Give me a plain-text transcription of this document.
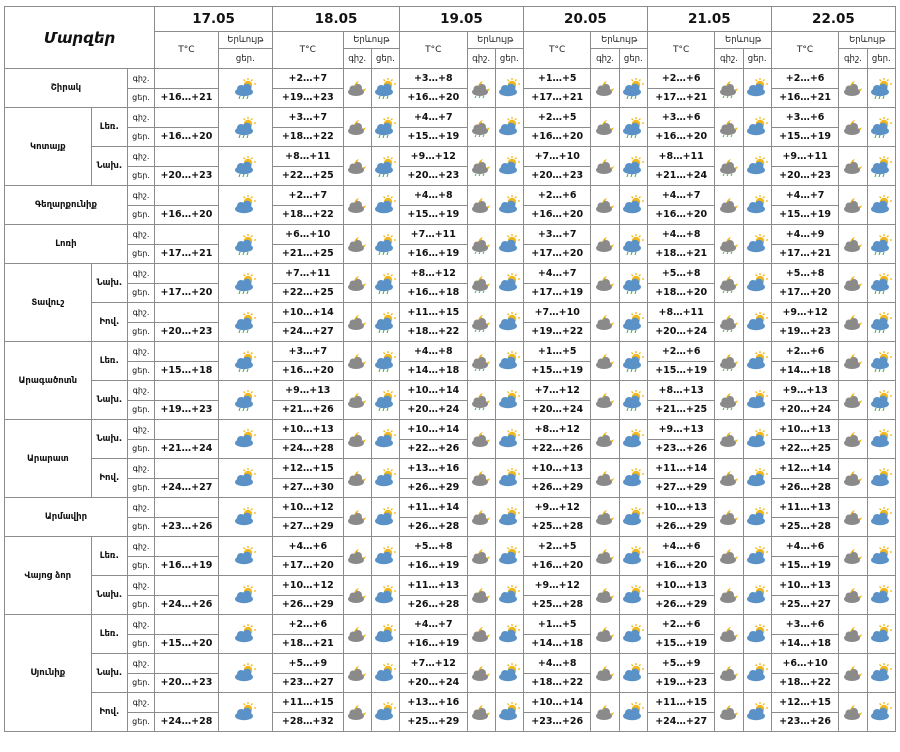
Մարզեր			17.05		18.05			19.05			20.05			21.05			22.05		
			T°C	Երևույթ	T°C	Երևույթ		T°C	Երևույթ		T°C	Երևույթ		T°C	Երևույթ		T°C	Երևույթ	
				ցեր.		գիշ.	ցեր.		գիշ.	ցեր.		գիշ.	ցեր.		գիշ.	ցեր.		գիշ.	ցեր.
Շիրակ		գիշ.			+2…+7			+3…+8			+1…+5			+2…+6			+2…+6	

		ցեր.	+16…+21		+19…+23			+16…+20			+17…+21			+17…+21			+16…+21		
Կոտայք	Լեռ.	գիշ.			+3…+7			+4…+7			+2…+5			+3…+6			+3…+6	

		ցեր.	+16…+20		+18…+22			+15…+19			+16…+20			+16…+20			+15…+19		
	Նախ.	գիշ.			+8…+11			+9…+12			+7…+10			+8…+11			+9…+11	

		ցեր.	+20…+23		+22…+25			+20…+23			+20…+23			+21…+24			+20…+23		
Գեղարքունիք		գիշ.			+2…+7			+4…+8			+2…+6			+4…+7			+4…+7	

		ցեր.	+16…+20		+18…+22			+15…+19			+16…+20			+16…+20			+15…+19		
Լոռի		գիշ.			+6…+10			+7…+11			+3…+7			+4…+8			+4…+9	

		ցեր.	+17…+21		+21…+25			+16…+19			+17…+20			+18…+21			+17…+21		
Տավուշ	Նախ.	գիշ.			+7…+11			+8…+12			+4…+7			+5…+8			+5…+8	

		ցեր.	+17…+20		+22…+25			+16…+18			+17…+19			+18…+20			+17…+20		
	Իով.	գիշ.			+10…+14			+11…+15			+7…+10			+8…+11			+9…+12	

		ցեր.	+20…+23		+24…+27			+18…+22			+19…+22			+20…+24			+19…+23		
Արագածոտն	Լեռ.	գիշ.			+3…+7			+4…+8			+1…+5			+2…+6			+2…+6	

		ցեր.	+15…+18		+16…+20			+14…+18			+15…+19			+15…+19			+14…+18		
	Նախ.	գիշ.			+9…+13			+10…+14			+7…+12			+8…+13			+9…+13	

		ցեր.	+19…+23		+21…+26			+20…+24			+20…+24			+21…+25			+20…+24		
Արարատ	Նախ.	գիշ.			+10…+13			+10…+14			+8…+12			+9…+13			+10…+13	

		ցեր.	+21…+24		+24…+28			+22…+26			+22…+26			+23…+26			+22…+25		
	Իով.	գիշ.			+12…+15			+13…+16			+10…+13			+11…+14			+12…+14	

		ցեր.	+24…+27		+27…+30			+26…+29			+26…+29			+27…+29			+26…+28		
Արմավիր		գիշ.			+10…+12			+11…+14			+9…+12			+10…+13			+11…+13	

		ցեր.	+23…+26		+27…+29			+26…+28			+25…+28			+26…+29			+25…+28		
Վայոց ձոր	Լեռ.	գիշ.			+4…+6			+5…+8			+2…+5			+4…+6			+4…+6	

		ցեր.	+16…+19		+17…+20			+16…+19			+16…+20			+16…+20			+15…+19		
	Նախ.	գիշ.			+10…+12			+11…+13			+9…+12			+10…+13			+10…+13	

		ցեր.	+24…+26		+26…+29			+26…+28			+25…+28			+26…+29			+25…+27		
Սյունիք	Լեռ.	գիշ.			+2…+6			+4…+7			+1…+5			+2…+6			+3…+6	

		ցեր.	+15…+20		+18…+21			+16…+19			+14…+18			+15…+19			+14…+18		
	Նախ.	գիշ.			+5…+9			+7…+12			+4…+8			+5…+9			+6…+10	

		ցեր.	+20…+23		+23…+27			+20…+24			+18…+22			+19…+23			+18…+22		
	Իով.	գիշ.			+11…+15			+13…+16			+10…+14			+11…+15			+12…+15	

		ցեր.	+24…+28		+28…+32			+25…+29			+23…+26			+24…+27			+23…+26		
